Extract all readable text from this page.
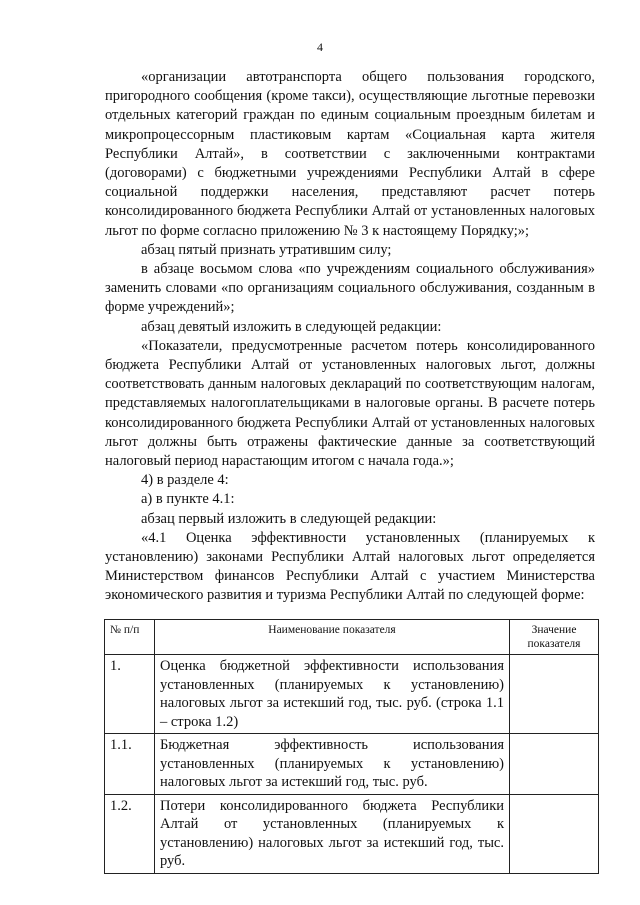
4

«организации автотранспорта общего пользования городского, пригородного сообщения (кроме такси), осуществляющие льготные перевозки отдельных категорий граждан по единым социальным проездным билетам и микропроцессорным пластиковым картам «Социальная карта жителя Республики Алтай», в соответствии с заключенными контрактами (договорами) с бюджетными учреждениями Республики Алтай в сфере социальной поддержки населения, представляют расчет потерь консолидированного бюджета Республики Алтай от установленных налоговых льгот по форме согласно приложению № 3 к настоящему Порядку;»;

абзац пятый признать утратившим силу;

в абзаце восьмом слова «по учреждениям социального обслуживания» заменить словами «по организациям социального обслуживания, созданным в форме учреждений»;

абзац девятый изложить в следующей редакции:

«Показатели, предусмотренные расчетом потерь консолидированного бюджета Республики Алтай от установленных налоговых льгот, должны соответствовать данным налоговых деклараций по соответствующим налогам, представляемых налогоплательщиками в налоговые органы. В расчете потерь консолидированного бюджета Республики Алтай от установленных налоговых льгот должны быть отражены фактические данные за соответствующий налоговый период нарастающим итогом с начала года.»;

4) в разделе 4:

а) в пункте 4.1:

абзац первый изложить в следующей редакции:

«4.1 Оценка эффективности установленных (планируемых к установлению) законами Республики Алтай налоговых льгот определяется Министерством финансов Республики Алтай с участием Министерства экономического развития и туризма Республики Алтай по следующей форме:

№ п/п	Наименование показателя	Значение показателя
1.	Оценка бюджетной эффективности использования установленных (планируемых к установлению) налоговых льгот за истекший год, тыс. руб. (строка 1.1 – строка 1.2)	
1.1.	Бюджетная эффективность использования установленных (планируемых к установлению) налоговых льгот за истекший год, тыс. руб.	
1.2.	Потери консолидированного бюджета Республики Алтай от установленных (планируемых к установлению) налоговых льгот за истекший год, тыс. руб.	
